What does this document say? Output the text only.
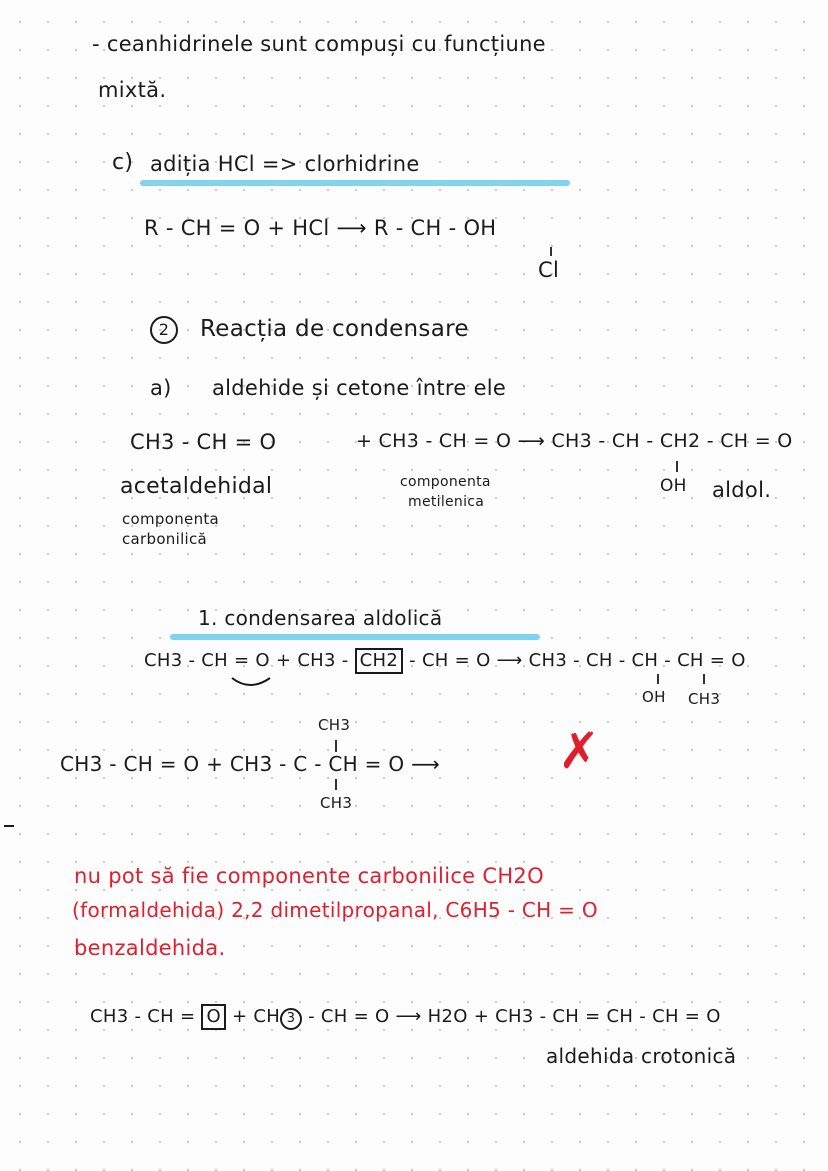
- ceanhidrinele sunt compuși cu funcțiune
mixtă.
c) adiția HCl => clorhidrine
R - CH = O + HCl ⟶ R - CH - OH
Cl
2	Reacția de condensare
a) aldehide și cetone între ele
CH3 - CH = O	+ CH3 - CH = O ⟶ CH3 - CH - CH2 - CH = O
OH aldol.
acetaldehidal
componenta
carbonilică
componenta
metilenica
1. condensarea aldolică
CH3 - CH = O + CH3 - CH2 - CH = O ⟶ CH3 - CH - CH - CH = O
OH CH3
CH3
CH3 - CH = O + CH3 - C - CH = O ⟶
CH3
✗
nu pot să fie componente carbonilice CH2O
(formaldehida) 2,2 dimetilpropanal, C6H5 - CH = O
benzaldehida.
CH3 - CH = O + CH 3 - CH = O ⟶ H2O + CH3 - CH = CH - CH = O
aldehida crotonică
